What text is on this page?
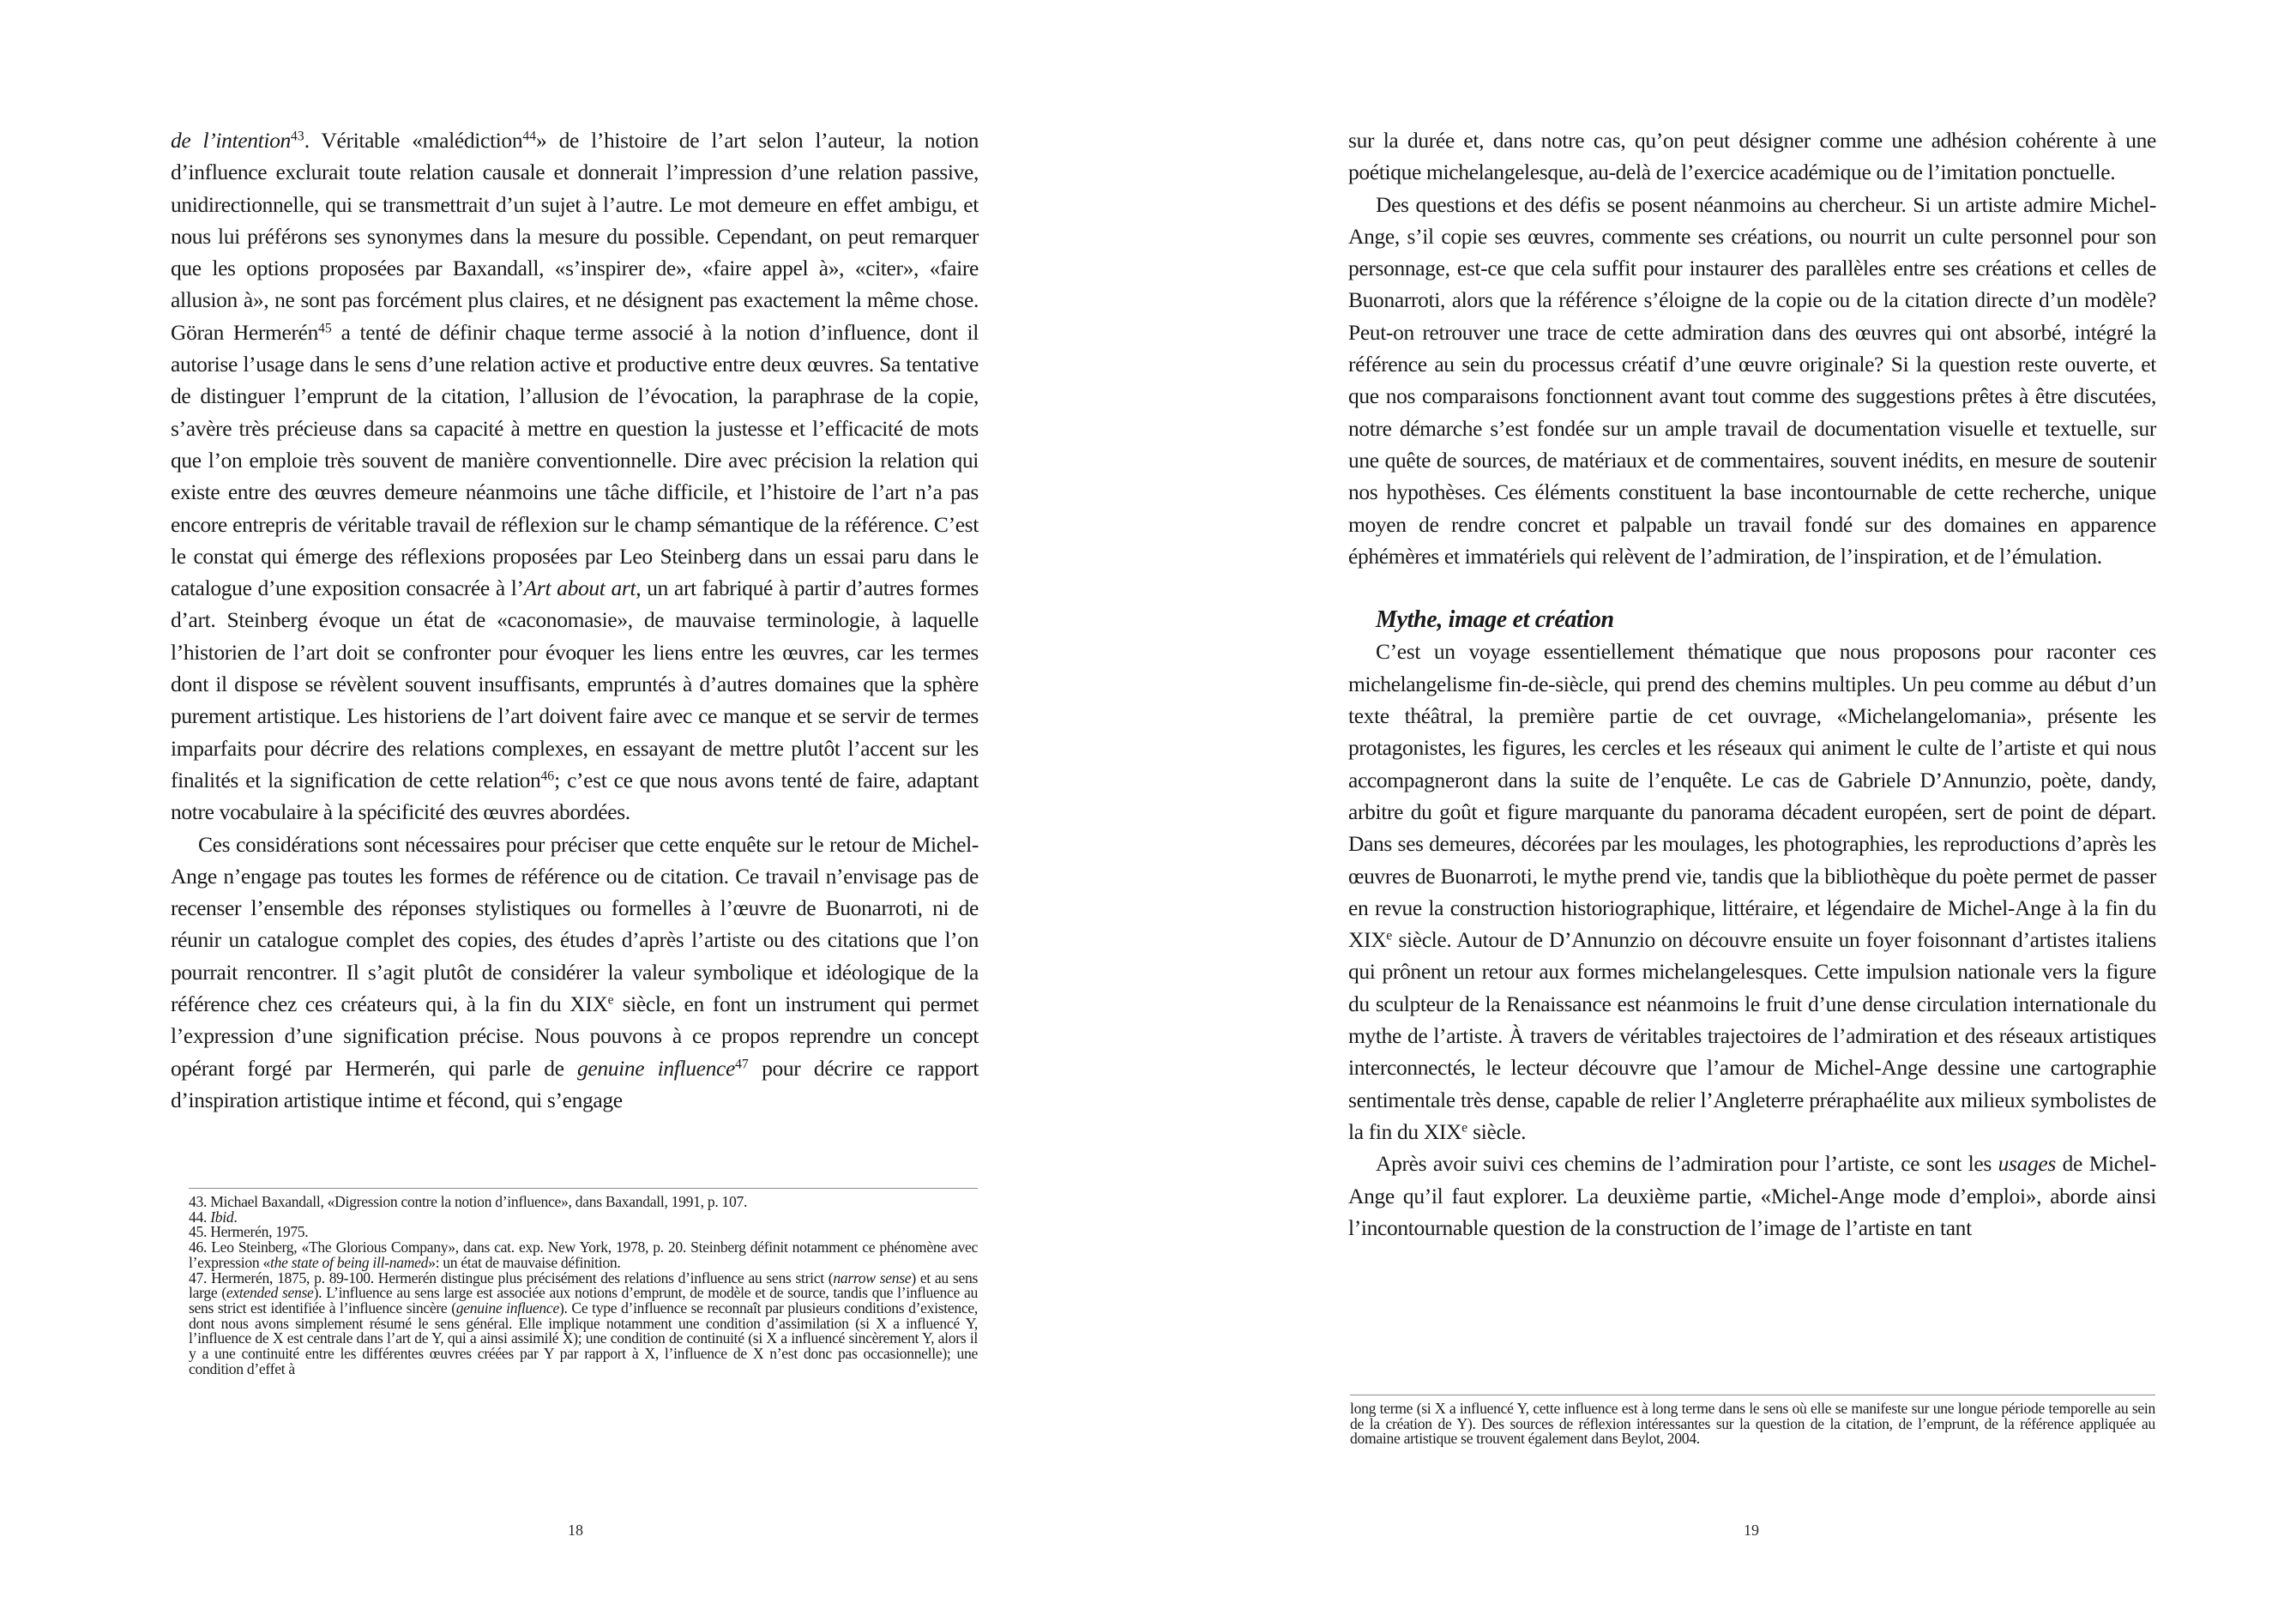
de l’intention$^{43}$. Véritable «malédiction$^{44}$» de l’histoire de l’art selon l’auteur, la notion d’influence exclurait toute relation causale et donnerait l’impression d’une relation passive, unidirectionnelle, qui se transmettrait d’un sujet à l’autre. Le mot demeure en effet ambigu, et nous lui préférons ses synonymes dans la mesure du possible. Cependant, on peut remarquer que les options proposées par Baxandall, «s’inspirer de», «faire appel à», «citer», «faire allusion à», ne sont pas forcément plus claires, et ne désignent pas exactement la même chose. Göran Hermerén$^{45}$ a tenté de définir chaque terme associé à la notion d’influence, dont il autorise l’usage dans le sens d’une relation active et productive entre deux œuvres. Sa tentative de distinguer l’emprunt de la citation, l’allusion de l’évocation, la paraphrase de la copie, s’avère très précieuse dans sa capacité à mettre en question la justesse et l’efficacité de mots que l’on emploie très souvent de manière conventionnelle. Dire avec précision la relation qui existe entre des œuvres demeure néanmoins une tâche difficile, et l’histoire de l’art n’a pas encore entrepris de véritable travail de réflexion sur le champ sémantique de la référence. C’est le constat qui émerge des réflexions proposées par Leo Steinberg dans un essai paru dans le catalogue d’une exposition consacrée à l’Art about art, un art fabriqué à partir d’autres formes d’art. Steinberg évoque un état de «caconomasie», de mauvaise terminologie, à laquelle l’historien de l’art doit se confronter pour évoquer les liens entre les œuvres, car les termes dont il dispose se révèlent souvent insuffisants, empruntés à d’autres domaines que la sphère purement artistique. Les historiens de l’art doivent faire avec ce manque et se servir de termes imparfaits pour décrire des relations complexes, en essayant de mettre plutôt l’accent sur les finalités et la signification de cette relation$^{46}$; c’est ce que nous avons tenté de faire, adaptant notre vocabulaire à la spécificité des œuvres abordées.

Ces considérations sont nécessaires pour préciser que cette enquête sur le retour de Michel-Ange n’engage pas toutes les formes de référence ou de citation. Ce travail n’envisage pas de recenser l’ensemble des réponses stylistiques ou formelles à l’œuvre de Buonarroti, ni de réunir un catalogue complet des copies, des études d’après l’artiste ou des citations que l’on pourrait rencontrer. Il s’agit plutôt de considérer la valeur symbolique et idéologique de la référence chez ces créateurs qui, à la fin du XIXe siècle, en font un instrument qui permet l’expression d’une signification précise. Nous pouvons à ce propos reprendre un concept opérant forgé par Hermerén, qui parle de genuine influence$^{47}$ pour décrire ce rapport d’inspiration artistique intime et fécond, qui s’engage

43. Michael Baxandall, «Digression contre la notion d’influence», dans Baxandall, 1991, p. 107.

44. Ibid.

45. Hermerén, 1975.

46. Leo Steinberg, «The Glorious Company», dans cat. exp. New York, 1978, p. 20. Steinberg définit notamment ce phénomène avec l’expression «the state of being ill-named»: un état de mauvaise définition.

47. Hermerén, 1875, p. 89-100. Hermerén distingue plus précisément des relations d’influence au sens strict (narrow sense) et au sens large (extended sense). L’influence au sens large est associée aux notions d’emprunt, de modèle et de source, tandis que l’influence au sens strict est identifiée à l’influence sincère (genuine influence). Ce type d’influence se reconnaît par plusieurs conditions d’existence, dont nous avons simplement résumé le sens général. Elle implique notamment une condition d’assimilation (si X a influencé Y, l’influence de X est centrale dans l’art de Y, qui a ainsi assimilé X); une condition de continuité (si X a influencé sincèrement Y, alors il y a une continuité entre les différentes œuvres créées par Y par rapport à X, l’influence de X n’est donc pas occasionnelle); une condition d’effet à

18

sur la durée et, dans notre cas, qu’on peut désigner comme une adhésion cohérente à une poétique michelangelesque, au-delà de l’exercice académique ou de l’imitation ponctuelle.

Des questions et des défis se posent néanmoins au chercheur. Si un artiste admire Michel-Ange, s’il copie ses œuvres, commente ses créations, ou nourrit un culte personnel pour son personnage, est-ce que cela suffit pour instaurer des parallèles entre ses créations et celles de Buonarroti, alors que la référence s’éloigne de la copie ou de la citation directe d’un modèle? Peut-on retrouver une trace de cette admiration dans des œuvres qui ont absorbé, intégré la référence au sein du processus créatif d’une œuvre originale? Si la question reste ouverte, et que nos comparaisons fonctionnent avant tout comme des suggestions prêtes à être discutées, notre démarche s’est fondée sur un ample travail de documentation visuelle et textuelle, sur une quête de sources, de matériaux et de commentaires, souvent inédits, en mesure de soutenir nos hypothèses. Ces éléments constituent la base incontournable de cette recherche, unique moyen de rendre concret et palpable un travail fondé sur des domaines en apparence éphémères et immatériels qui relèvent de l’admiration, de l’inspiration, et de l’émulation.

Mythe, image et création

C’est un voyage essentiellement thématique que nous proposons pour raconter ces michelangelisme fin-de-siècle, qui prend des chemins multiples. Un peu comme au début d’un texte théâtral, la première partie de cet ouvrage, «Michelangelomania», présente les protagonistes, les figures, les cercles et les réseaux qui animent le culte de l’artiste et qui nous accompagneront dans la suite de l’enquête. Le cas de Gabriele D’Annunzio, poète, dandy, arbitre du goût et figure marquante du panorama décadent européen, sert de point de départ. Dans ses demeures, décorées par les moulages, les photographies, les reproductions d’après les œuvres de Buonarroti, le mythe prend vie, tandis que la bibliothèque du poète permet de passer en revue la construction historiographique, littéraire, et légendaire de Michel-Ange à la fin du XIXe siècle. Autour de D’Annunzio on découvre ensuite un foyer foisonnant d’artistes italiens qui prônent un retour aux formes michelangelesques. Cette impulsion nationale vers la figure du sculpteur de la Renaissance est néanmoins le fruit d’une dense circulation internationale du mythe de l’artiste. À travers de véritables trajectoires de l’admiration et des réseaux artistiques interconnectés, le lecteur découvre que l’amour de Michel-Ange dessine une cartographie sentimentale très dense, capable de relier l’Angleterre préraphaélite aux milieux symbolistes de la fin du XIXe siècle.

Après avoir suivi ces chemins de l’admiration pour l’artiste, ce sont les usages de Michel-Ange qu’il faut explorer. La deuxième partie, «Michel-Ange mode d’emploi», aborde ainsi l’incontournable question de la construction de l’image de l’artiste en tant

long terme (si X a influencé Y, cette influence est à long terme dans le sens où elle se manifeste sur une longue période temporelle au sein de la création de Y). Des sources de réflexion intéressantes sur la question de la citation, de l’emprunt, de la référence appliquée au domaine artistique se trouvent également dans Beylot, 2004.

19
